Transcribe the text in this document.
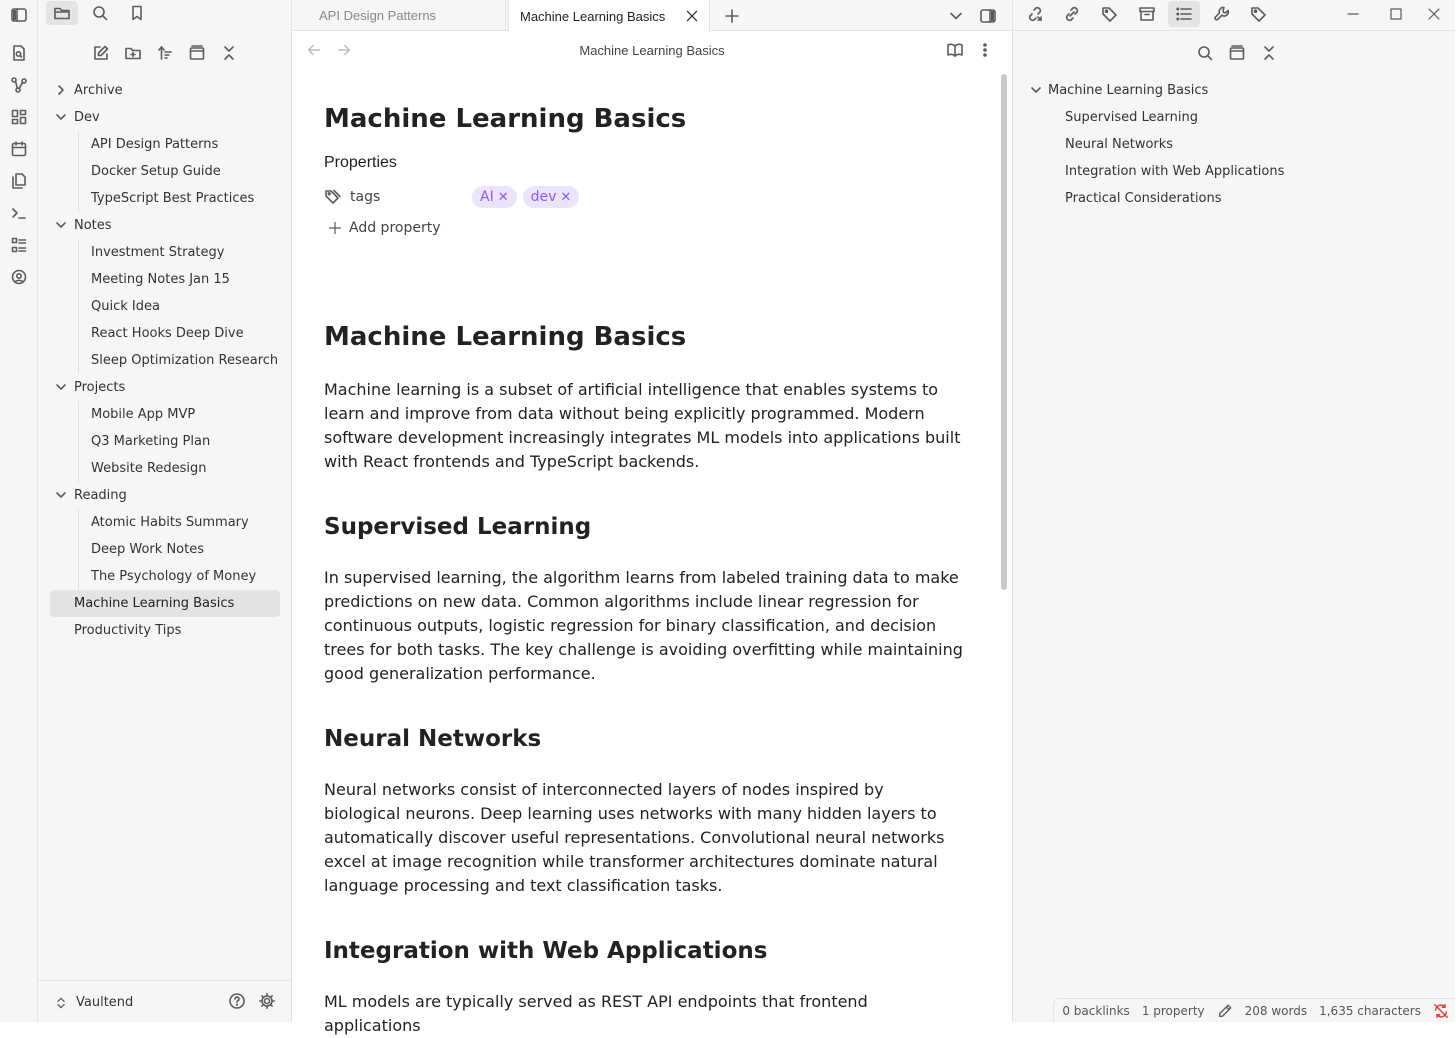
Archive
Dev
API Design Patterns
Docker Setup Guide
TypeScript Best Practices
Notes
Investment Strategy
Meeting Notes Jan 15
Quick Idea
React Hooks Deep Dive
Sleep Optimization Research
Projects
Mobile App MVP
Q3 Marketing Plan
Website Redesign
Reading
Atomic Habits Summary
Deep Work Notes
The Psychology of Money
Machine Learning Basics
Productivity Tips
Vaultend
API Design Patterns	Machine Learning Basics
Machine Learning Basics
Machine Learning Basics
Properties
tags	AI ✕ dev ✕
Add property
Machine Learning Basics

Machine learning is a subset of artificial intelligence that enables systems to learn and improve from data without being explicitly programmed. Modern software development increasingly integrates ML models into applications built with React frontends and TypeScript backends.

Supervised Learning

In supervised learning, the algorithm learns from labeled training data to make predictions on new data. Common algorithms include linear regression for continuous outputs, logistic regression for binary classification, and decision trees for both tasks. The key challenge is avoiding overfitting while maintaining good generalization performance.

Neural Networks

Neural networks consist of interconnected layers of nodes inspired by biological neurons. Deep learning uses networks with many hidden layers to automatically discover useful representations. Convolutional neural networks excel at image recognition while transformer architectures dominate natural language processing and text classification tasks.

Integration with Web Applications

ML models are typically served as REST API endpoints that frontend applications

Machine Learning Basics
Supervised Learning
Neural Networks
Integration with Web Applications
Practical Considerations
0 backlinks 1 property	208 words 1,635 characters
